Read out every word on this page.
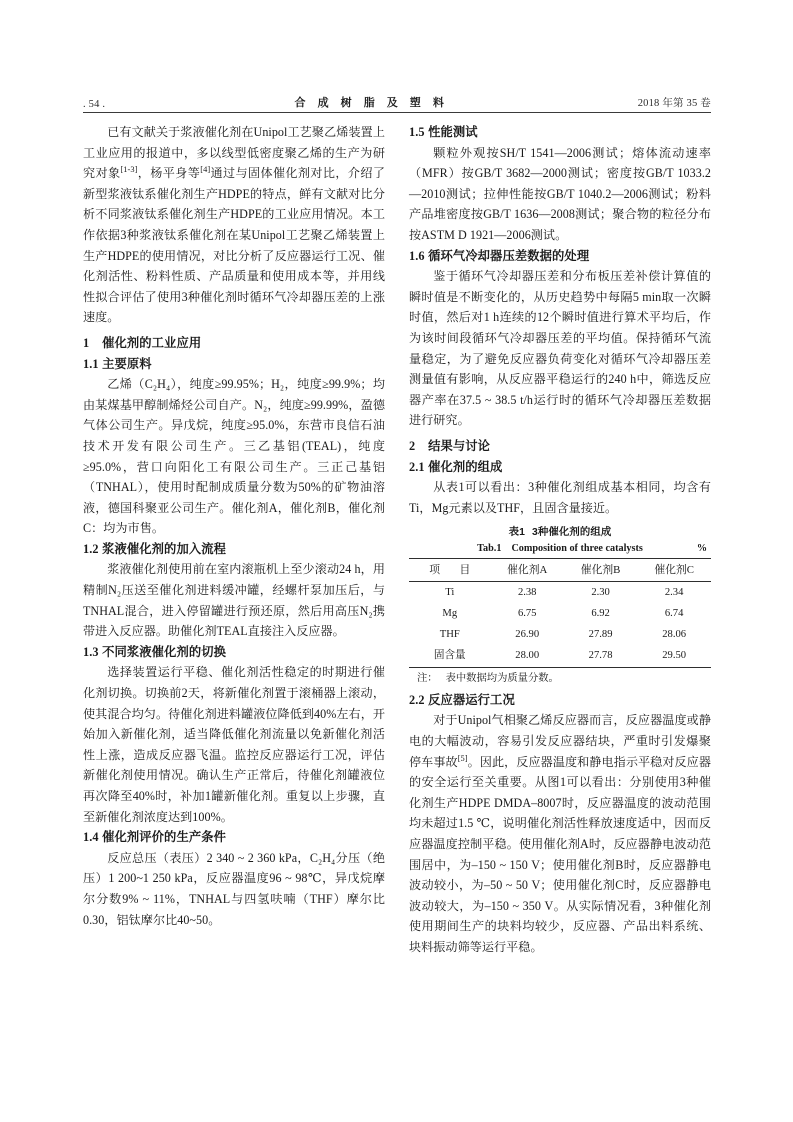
. 54 .	合 成 树 脂 及 塑 料	2018 年第 35 卷

已有文献关于浆液催化剂在Unipol工艺聚乙烯装置上工业应用的报道中，多以线型低密度聚乙烯的生产为研究对象[1-3]，杨平身等[4]通过与固体催化剂对比，介绍了新型浆液钛系催化剂生产HDPE的特点，鲜有文献对比分析不同浆液钛系催化剂生产HDPE的工业应用情况。本工作依据3种浆液钛系催化剂在某Unipol工艺聚乙烯装置上生产HDPE的使用情况，对比分析了反应器运行工况、催化剂活性、粉料性质、产品质量和使用成本等，并用线性拟合评估了使用3种催化剂时循环气冷却器压差的上涨速度。

1 催化剂的工业应用
1.1 主要原料

乙烯（C₂H₄），纯度≥99.95%；H₂，纯度≥99.9%；均由某煤基甲醇制烯烃公司自产。N₂，纯度≥99.99%，盈德气体公司生产。异戊烷，纯度≥95.0%，东营市良信石油技术开发有限公司生产。三乙基铝(TEAL)，纯度≥95.0%，营口向阳化工有限公司生产。三正己基铝（TNHAL），使用时配制成质量分数为50%的矿物油溶液，德国科聚亚公司生产。催化剂A，催化剂B，催化剂C：均为市售。

1.2 浆液催化剂的加入流程

浆液催化剂使用前在室内滚瓶机上至少滚动24 h，用精制N₂压送至催化剂进料缓冲罐，经螺杆泵加压后，与TNHAL混合，进入停留罐进行预还原，然后用高压N₂携带进入反应器。助催化剂TEAL直接注入反应器。

1.3 不同浆液催化剂的切换

选择装置运行平稳、催化剂活性稳定的时期进行催化剂切换。切换前2天，将新催化剂置于滚桶器上滚动，使其混合均匀。待催化剂进料罐液位降低到40%左右，开始加入新催化剂，适当降低催化剂流量以免新催化剂活性上涨，造成反应器飞温。监控反应器运行工况，评估新催化剂使用情况。确认生产正常后，待催化剂罐液位再次降至40%时，补加1罐新催化剂。重复以上步骤，直至新催化剂浓度达到100%。

1.4 催化剂评价的生产条件

反应总压（表压）2 340 ~ 2 360 kPa，C₂H₄分压（绝压）1 200~1 250 kPa，反应器温度96 ~ 98℃，异戊烷摩尔分数9% ~ 11%，TNHAL与四氢呋喃（THF）摩尔比0.30，铝钛摩尔比40~50。

1.5 性能测试

颗粒外观按SH/T 1541—2006测试；熔体流动速率（MFR）按GB/T 3682—2000测试；密度按GB/T 1033.2—2010测试；拉伸性能按GB/T 1040.2—2006测试；粉料产品堆密度按GB/T 1636—2008测试；聚合物的粒径分布按ASTM D 1921—2006测试。

1.6 循环气冷却器压差数据的处理

鉴于循环气冷却器压差和分布板压差补偿计算值的瞬时值是不断变化的，从历史趋势中每隔5 min取一次瞬时值，然后对1 h连续的12个瞬时值进行算术平均后，作为该时间段循环气冷却器压差的平均值。保持循环气流量稳定，为了避免反应器负荷变化对循环气冷却器压差测量值有影响，从反应器平稳运行的240 h中，筛选反应器产率在37.5 ~ 38.5 t/h运行时的循环气冷却器压差数据进行研究。

2 结果与讨论
2.1 催化剂的组成

从表1可以看出：3种催化剂组成基本相同，均含有Ti，Mg元素以及THF，且固含量接近。

表1 3种催化剂的组成
Tab.1 Composition of three catalysts	%
项　目	催化剂A	催化剂B	催化剂C
Ti	2.38	2.30	2.34
Mg	6.75	6.92	6.74
THF	26.90	27.89	28.06
固含量	28.00	27.78	29.50
注： 表中数据均为质量分数。
2.2 反应器运行工况

对于Unipol气相聚乙烯反应器而言，反应器温度或静电的大幅波动，容易引发反应器结块，严重时引发爆聚停车事故[5]。因此，反应器温度和静电指示平稳对反应器的安全运行至关重要。从图1可以看出：分别使用3种催化剂生产HDPE DMDA–8007时，反应器温度的波动范围均未超过1.5 ℃，说明催化剂活性释放速度适中，因而反应器温度控制平稳。使用催化剂A时，反应器静电波动范围居中，为–150 ~ 150 V；使用催化剂B时，反应器静电波动较小，为–50 ~ 50 V；使用催化剂C时，反应器静电波动较大，为–150 ~ 350 V。从实际情况看，3种催化剂使用期间生产的块料均较少，反应器、产品出料系统、块料振动筛等运行平稳。
